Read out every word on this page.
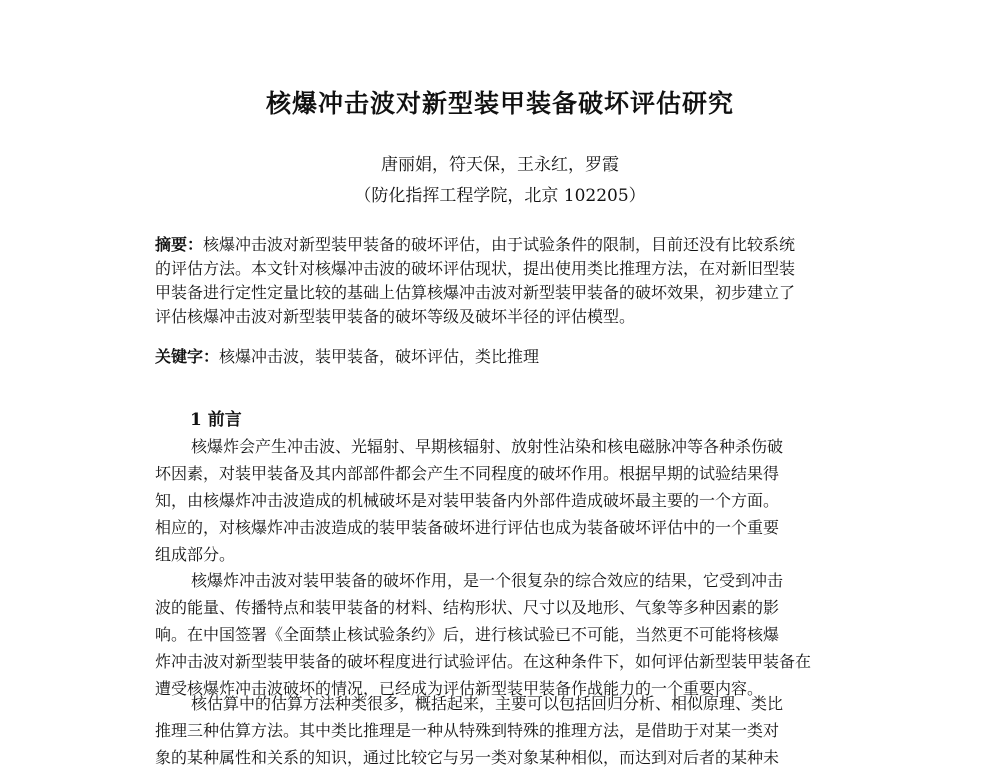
核爆冲击波对新型装甲装备破坏评估研究
唐丽娟，符天保，王永红，罗霞
（防化指挥工程学院，北京 102205）
摘要：核爆冲击波对新型装甲装备的破坏评估，由于试验条件的限制，目前还没有比较系统
的评估方法。本文针对核爆冲击波的破坏评估现状，提出使用类比推理方法，在对新旧型装
甲装备进行定性定量比较的基础上估算核爆冲击波对新型装甲装备的破坏效果，初步建立了
评估核爆冲击波对新型装甲装备的破坏等级及破坏半径的评估模型。
关键字：核爆冲击波，装甲装备，破坏评估，类比推理
1 前言
核爆炸会产生冲击波、光辐射、早期核辐射、放射性沾染和核电磁脉冲等各种杀伤破
坏因素，对装甲装备及其内部部件都会产生不同程度的破坏作用。根据早期的试验结果得
知，由核爆炸冲击波造成的机械破坏是对装甲装备内外部件造成破坏最主要的一个方面。
相应的，对核爆炸冲击波造成的装甲装备破坏进行评估也成为装备破坏评估中的一个重要
组成部分。
核爆炸冲击波对装甲装备的破坏作用，是一个很复杂的综合效应的结果，它受到冲击
波的能量、传播特点和装甲装备的材料、结构形状、尺寸以及地形、气象等多种因素的影
响。在中国签署《全面禁止核试验条约》后，进行核试验已不可能，当然更不可能将核爆
炸冲击波对新型装甲装备的破坏程度进行试验评估。在这种条件下，如何评估新型装甲装备在
遭受核爆炸冲击波破坏的情况，已经成为评估新型装甲装备作战能力的一个重要内容。
核估算中的估算方法种类很多，概括起来，主要可以包括回归分析、相似原理、类比
推理三种估算方法。其中类比推理是一种从特殊到特殊的推理方法，是借助于对某一类对
象的某种属性和关系的知识，通过比较它与另一类对象某种相似，而达到对后者的某种未
